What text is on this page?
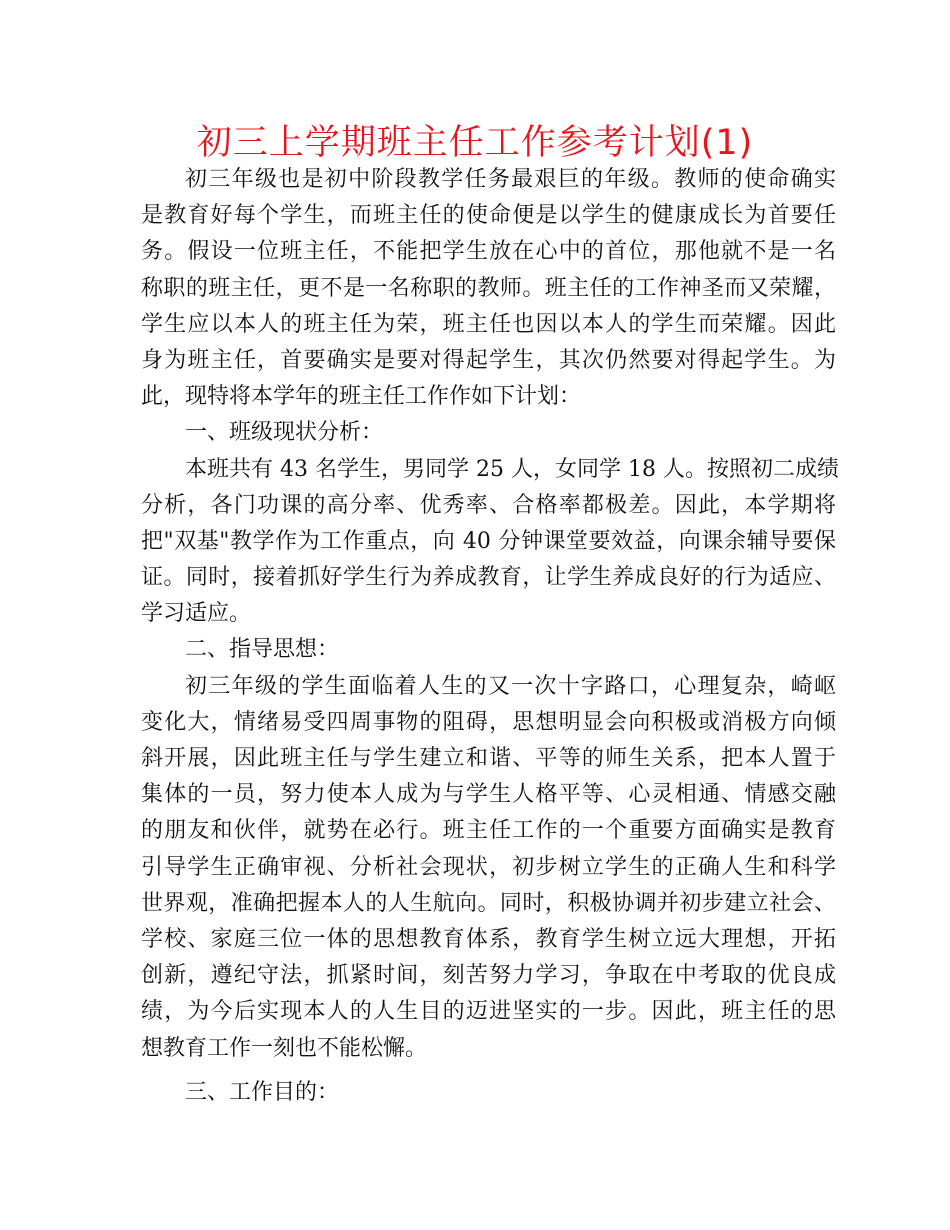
初三上学期班主任工作参考计划(1)
初三年级也是初中阶段教学任务最艰巨的年级。教师的使命确实
是教育好每个学生，而班主任的使命便是以学生的健康成长为首要任
务。假设一位班主任，不能把学生放在心中的首位，那他就不是一名
称职的班主任，更不是一名称职的教师。班主任的工作神圣而又荣耀，
学生应以本人的班主任为荣，班主任也因以本人的学生而荣耀。因此
身为班主任，首要确实是要对得起学生，其次仍然要对得起学生。为
此，现特将本学年的班主任工作作如下计划：
一、班级现状分析：
本班共有 43 名学生，男同学 25 人，女同学 18 人。按照初二成绩
分析，各门功课的高分率、优秀率、合格率都极差。因此，本学期将
把"双基"教学作为工作重点，向 40 分钟课堂要效益，向课余辅导要保
证。同时，接着抓好学生行为养成教育，让学生养成良好的行为适应、
学习适应。
二、指导思想：
初三年级的学生面临着人生的又一次十字路口，心理复杂，崎岖
变化大，情绪易受四周事物的阻碍，思想明显会向积极或消极方向倾
斜开展，因此班主任与学生建立和谐、平等的师生关系，把本人置于
集体的一员，努力使本人成为与学生人格平等、心灵相通、情感交融
的朋友和伙伴，就势在必行。班主任工作的一个重要方面确实是教育
引导学生正确审视、分析社会现状，初步树立学生的正确人生和科学
世界观，准确把握本人的人生航向。同时，积极协调并初步建立社会、
学校、家庭三位一体的思想教育体系，教育学生树立远大理想，开拓
创新，遵纪守法，抓紧时间，刻苦努力学习，争取在中考取的优良成
绩，为今后实现本人的人生目的迈进坚实的一步。因此，班主任的思
想教育工作一刻也不能松懈。
三、工作目的：
